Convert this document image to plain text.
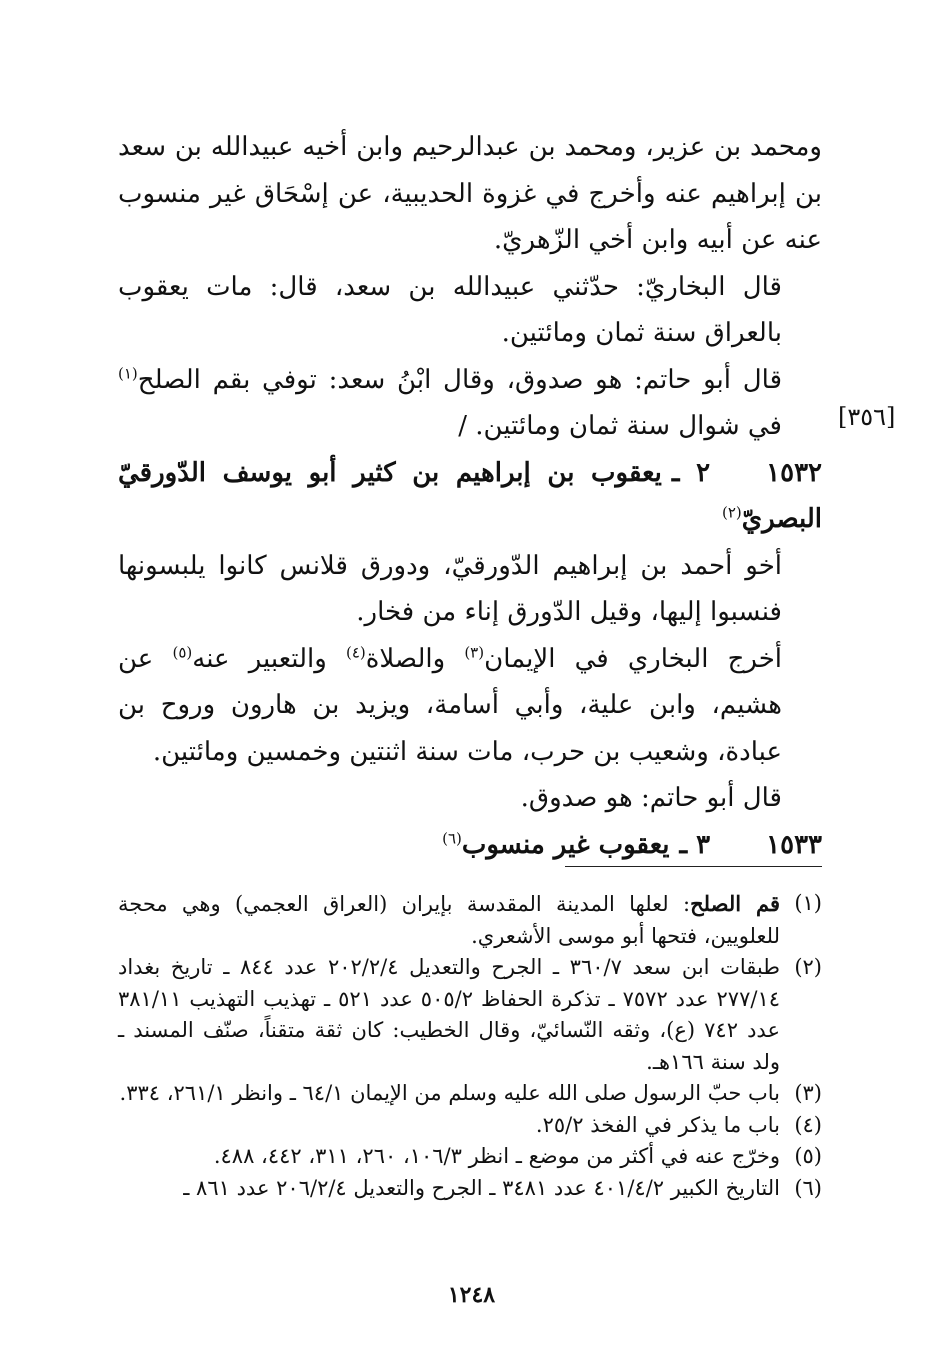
ومحمد بن عزير، ومحمد بن عبدالرحيم وابن أخيه عبيدالله بن سعد بن إبراهيم عنه وأخرج في غزوة الحديبية، عن إسْحَاق غير منسوب عنه عن أبيه وابن أخي الزّهريّ.

قال البخاريّ: حدّثني عبيدالله بن سعد، قال: مات يعقوب بالعراق سنة ثمان ومائتين.

قال أبو حاتم: هو صدوق، وقال ابْنُ سعد: توفي بقم الصلح$^{(١)}$ في شوال سنة ثمان ومائتين. /

١٥٣٢٢ ـيعقوب بن إبراهيم بن كثير أبو يوسف الدّورقيّ البصريّ$^{(٢)}$

أخو أحمد بن إبراهيم الدّورقيّ، ودورق قلانس كانوا يلبسونها فنسبوا إليها، وقيل الدّورق إناء من فخار.

أخرج البخاري في الإيمان$^{(٣)}$ والصلاة$^{(٤)}$ والتعبير عنه$^{(٥)}$ عن هشيم، وابن علية، وأبي أسامة، ويزيد بن هارون وروح بن عبادة، وشعيب بن حرب، مات سنة اثنتين وخمسين ومائتين.

قال أبو حاتم: هو صدوق.

١٥٣٣٣ ـيعقوب غير منسوب$^{(٦)}$

[٣٥٦]

(١)
قم الصلح: لعلها المدينة المقدسة بإيران (العراق العجمي) وهي محجة للعلويين، فتحها أبو موسى الأشعري.

(٢)
طبقات ابن سعد ٣٦٠/٧ ـ الجرح والتعديل ٢٠٢/٢/٤ عدد ٨٤٤ ـ تاريخ بغداد ٢٧٧/١٤ عدد ٧٥٧٢ ـ تذكرة الحفاظ ٥٠٥/٢ عدد ٥٢١ ـ تهذيب التهذيب ٣٨١/١١ عدد ٧٤٢ (ع)، وثقه النّسائيّ، وقال الخطيب: كان ثقة متقناً، صنّف المسند ـ ولد سنة ١٦٦هـ.

(٣)
باب حبّ الرسول صلى الله عليه وسلم من الإيمان ٦٤/١ ـ وانظر ٢٦١/١، ٣٣٤.

(٤)
باب ما يذكر في الفخذ ٢٥/٢.

(٥)
وخرّج عنه في أكثر من موضع ـ انظر ١٠٦/٣، ٢٦٠، ٣١١، ٤٤٢، ٤٨٨.

(٦)
التاريخ الكبير ٤٠١/٤/٢ عدد ٣٤٨١ ـ الجرح والتعديل ٢٠٦/٢/٤ عدد ٨٦١ ـ

١٢٤٨
